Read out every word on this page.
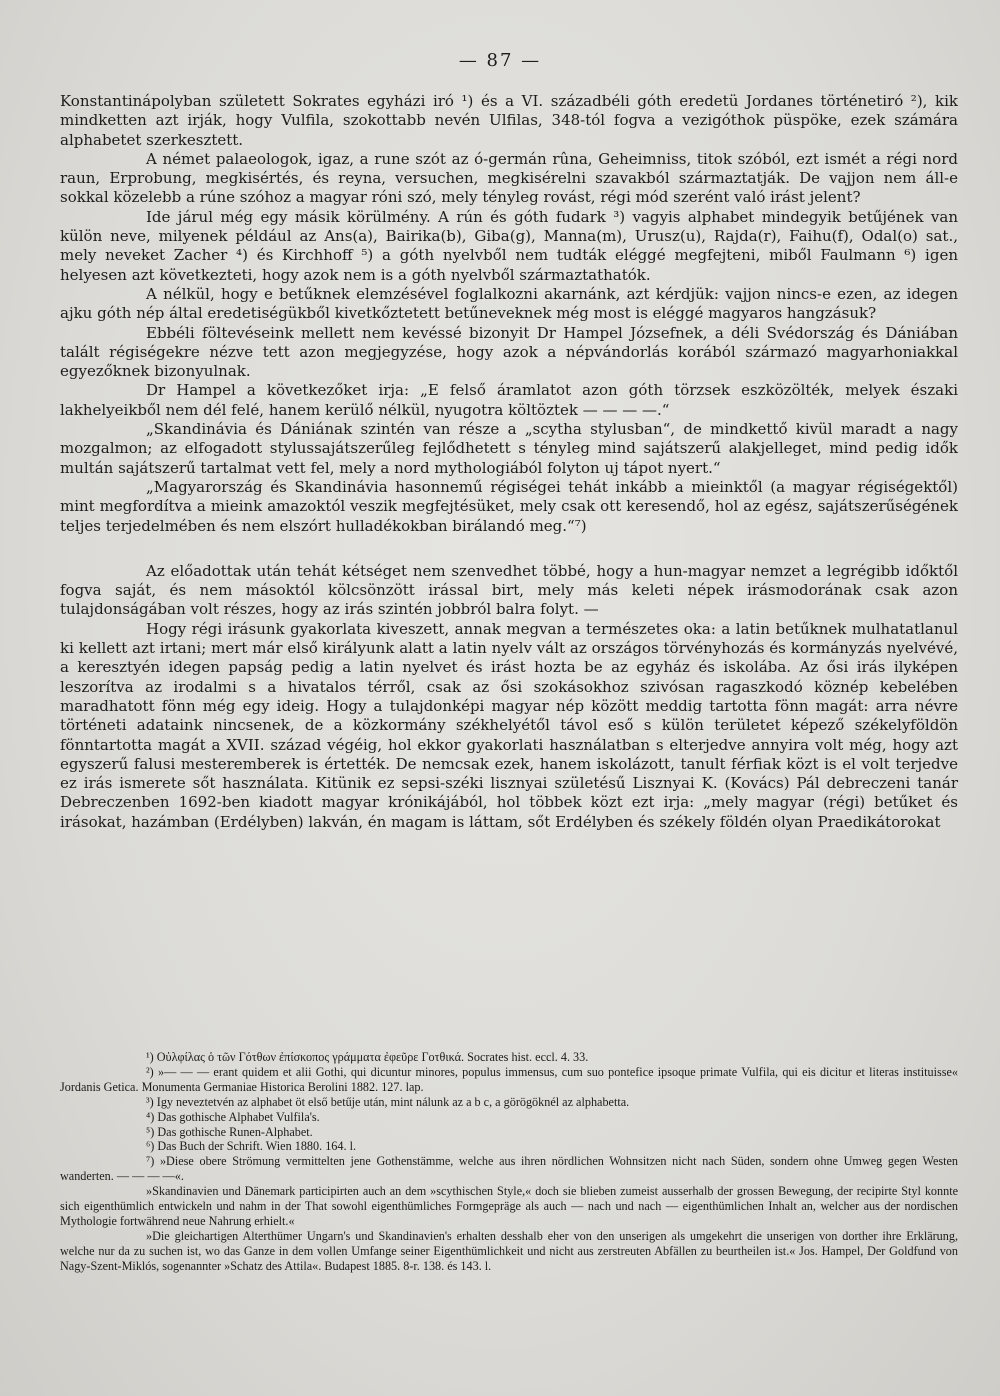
— 87 —

Konstantinápolyban született Sokrates egyházi iró ¹) és a VI. századbéli góth eredetü Jordanes történetiró ²), kik mindketten azt irják, hogy Vulfila, szokottabb nevén Ulfilas, 348-tól fogva a vezigóthok püspöke, ezek számára alphabetet szerkesztett.

A német palaeologok, igaz, a rune szót az ó-germán rûna, Geheimniss, titok szóból, ezt ismét a régi nord raun, Erprobung, megkisértés, és reyna, versuchen, megkisérelni szavakból származtatják. De vajjon nem áll-e sokkal közelebb a rúne szóhoz a magyar róni szó, mely tényleg rovást, régi mód szerént való irást jelent?

Ide járul még egy másik körülmény. A rún és góth fudark ³) vagyis alphabet mindegyik betűjének van külön neve, milyenek például az Ans(a), Bairika(b), Giba(g), Manna(m), Urusz(u), Rajda(r), Faihu(f), Odal(o) sat., mely neveket Zacher ⁴) és Kirchhoff ⁵) a góth nyelvből nem tudták eléggé megfejteni, miből Faulmann ⁶) igen helyesen azt következteti, hogy azok nem is a góth nyelvből származtathatók.

A nélkül, hogy e betűknek elemzésével foglalkozni akarnánk, azt kérdjük: vajjon nincs-e ezen, az idegen ajku góth nép által eredetiségükből kivetkőztetett betűneveknek még most is eléggé magyaros hangzásuk?

Ebbéli föltevéseink mellett nem kevéssé bizonyit Dr Hampel Józsefnek, a déli Svédország és Dániában talált régiségekre nézve tett azon megjegyzése, hogy azok a népvándorlás korából származó magyarhoniakkal egyezőknek bizonyulnak.

Dr Hampel a következőket irja: „E felső áramlatot azon góth törzsek eszközölték, melyek északi lakhelyeikből nem dél felé, hanem kerülő nélkül, nyugotra költöztek — — — —.“

„Skandinávia és Dániának szintén van része a „scytha stylusban“, de mindkettő kivül maradt a nagy mozgalmon; az elfogadott stylussajátszerűleg fejlődhetett s tényleg mind sajátszerű alakjelleget, mind pedig idők multán sajátszerű tartalmat vett fel, mely a nord mythologiából folyton uj tápot nyert.“

„Magyarország és Skandinávia hasonnemű régiségei tehát inkább a mieinktől (a magyar régiségektől) mint megfordítva a mieink amazoktól veszik megfejtésüket, mely csak ott keresendő, hol az egész, sajátszerűségének teljes terjedelmében és nem elszórt hulladékokban birálandó meg.“⁷)

Az előadottak után tehát kétséget nem szenvedhet többé, hogy a hun-magyar nemzet a legrégibb időktől fogva saját, és nem másoktól kölcsönzött irással birt, mely más keleti népek irásmodorának csak azon tulajdonságában volt részes, hogy az irás szintén jobbról balra folyt. —

Hogy régi irásunk gyakorlata kiveszett, annak megvan a természetes oka: a latin betűknek mulhatatlanul ki kellett azt irtani; mert már első királyunk alatt a latin nyelv vált az országos törvényhozás és kormányzás nyelvévé, a keresztyén idegen papság pedig a latin nyelvet és irást hozta be az egyház és iskolába. Az ősi irás ilyképen leszorítva az irodalmi s a hivatalos térről, csak az ősi szokásokhoz szivósan ragaszkodó köznép kebelében maradhatott fönn még egy ideig. Hogy a tulajdonképi magyar nép között meddig tartotta fönn magát: arra névre történeti adataink nincsenek, de a közkormány székhelyétől távol eső s külön területet képező székelyföldön fönntartotta magát a XVII. század végéig, hol ekkor gyakorlati használatban s elterjedve annyira volt még, hogy azt egyszerű falusi mesteremberek is értették. De nemcsak ezek, hanem iskolázott, tanult férfiak közt is el volt terjedve ez irás ismerete sőt használata. Kitünik ez sepsi-széki lisznyai születésű Lisznyai K. (Kovács) Pál debreczeni tanár Debreczenben 1692-ben kiadott magyar krónikájából, hol többek közt ezt irja: „mely magyar (régi) betűket és irásokat, hazámban (Erdélyben) lakván, én magam is láttam, sőt Erdélyben és székely földén olyan Praedikátorokat

¹) Οὐλφίλας ὁ τῶν Γότθων ἐπίσκοπος γράμματα ἐφεῦρε Γοτθικά. Socrates hist. eccl. 4. 33.

²) »— — — erant quidem et alii Gothi, qui dicuntur minores, populus immensus, cum suo pontefice ipsoque primate Vulfila, qui eis dicitur et literas instituisse« Jordanis Getica. Monumenta Germaniae Historica Berolini 1882. 127. lap.

³) Igy neveztetvén az alphabet öt első betűje után, mint nálunk az a b c, a görögöknél az alphabetta.

⁴) Das gothische Alphabet Vulfila's.

⁵) Das gothische Runen-Alphabet.

⁶) Das Buch der Schrift. Wien 1880. 164. l.

⁷) »Diese obere Strömung vermittelten jene Gothenstämme, welche aus ihren nördlichen Wohnsitzen nicht nach Süden, sondern ohne Umweg gegen Westen wanderten. — — — —«.

»Skandinavien und Dänemark participirten auch an dem »scythischen Style,« doch sie blieben zumeist ausserhalb der grossen Bewegung, der recipirte Styl konnte sich eigenthümlich entwickeln und nahm in der That sowohl eigenthümliches Formgepräge als auch — nach und nach — eigenthümlichen Inhalt an, welcher aus der nordischen Mythologie fortwährend neue Nahrung erhielt.«

»Die gleichartigen Alterthümer Ungarn's und Skandinavien's erhalten desshalb eher von den unserigen als umgekehrt die unserigen von dorther ihre Erklärung, welche nur da zu suchen ist, wo das Ganze in dem vollen Umfange seiner Eigenthümlichkeit und nicht aus zerstreuten Abfällen zu beurtheilen ist.« Jos. Hampel, Der Goldfund von Nagy-Szent-Miklós, sogenannter »Schatz des Attila«. Budapest 1885. 8-r. 138. és 143. l.
